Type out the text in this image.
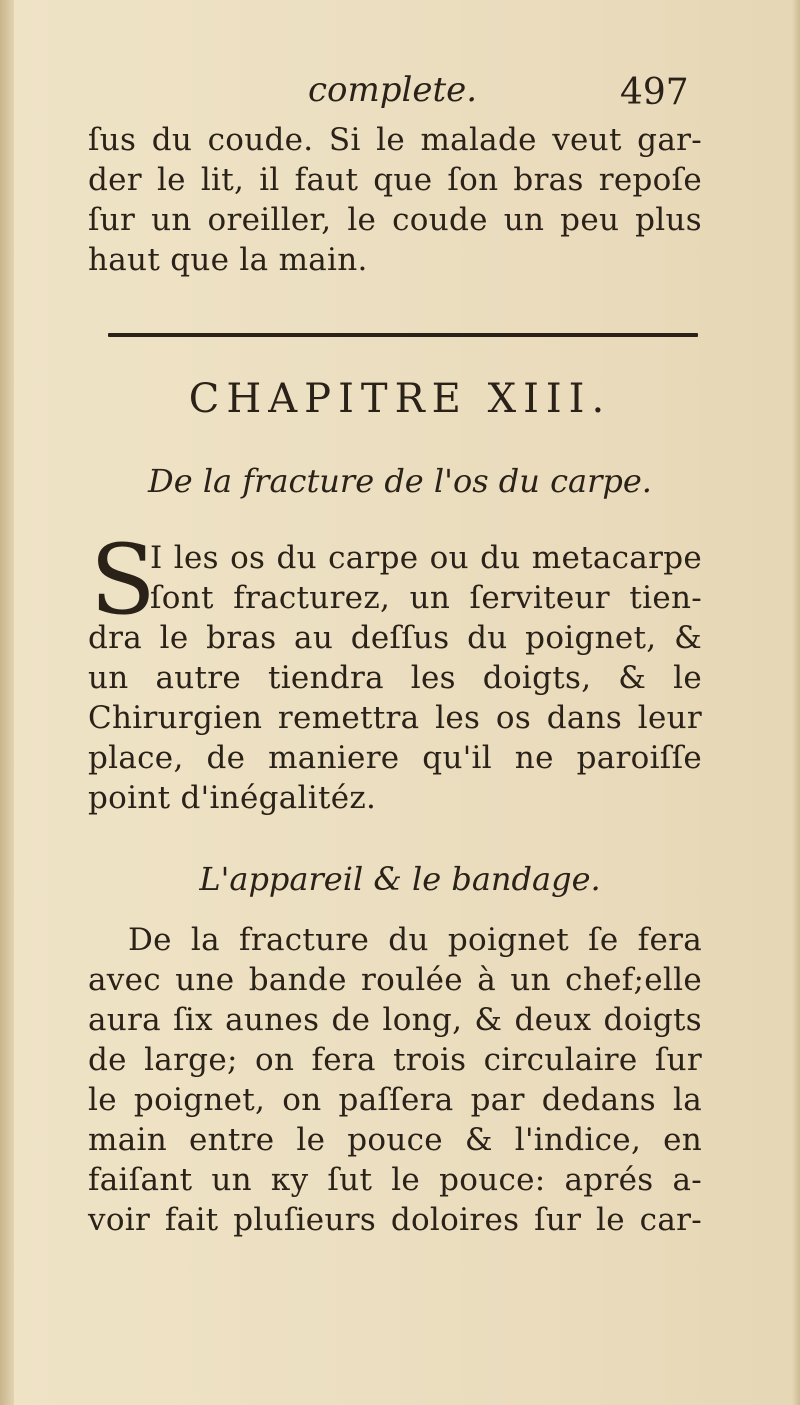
complete.	497
ſus du coude. Si le malade veut gar-
der le lit, il faut que ſon bras repoſe
ſur un oreiller, le coude un peu plus
haut que la main.
CHAPITRE XIII.
De la fracture de l'os du carpe.
S
I les os du carpe ou du metacarpe
ſont fracturez, un ſerviteur tien-
dra le bras au deſſus du poignet, &
un autre tiendra les doigts, & le
Chirurgien remettra les os dans leur
place, de maniere qu'il ne paroiſſe
point d'inégalitéz.
L'appareil & le bandage.
De la fracture du poignet ſe fera
avec une bande roulée à un chef;elle
aura ſix aunes de long, & deux doigts
de large; on fera trois circulaire ſur
le poignet, on paſſera par dedans la
main entre le pouce & l'indice, en
faiſant un κy ſut le pouce: aprés a-
voir fait pluſieurs doloires ſur le car-
